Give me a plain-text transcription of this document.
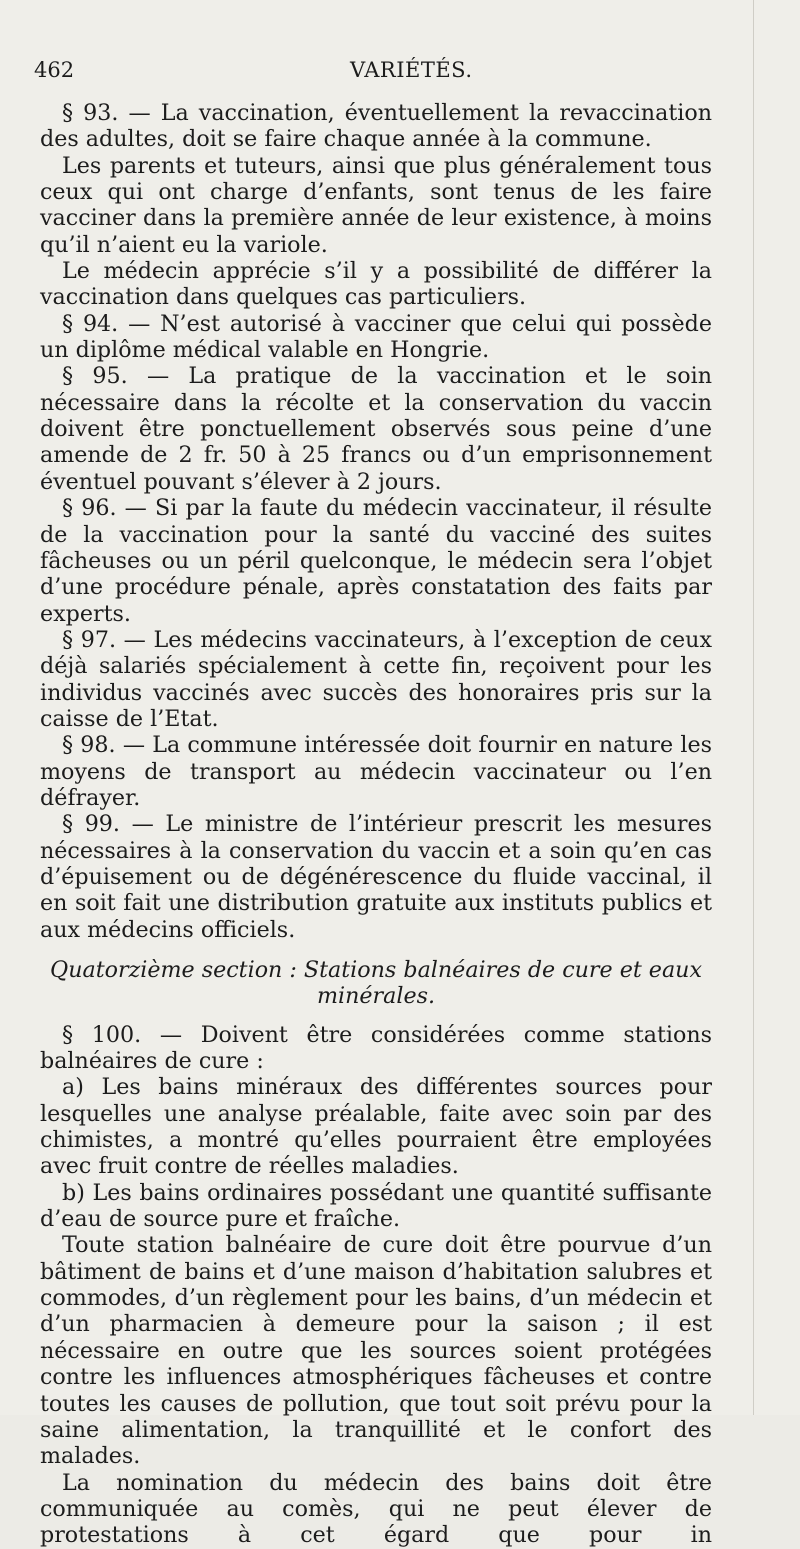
462	VARIÉTÉS.

§ 93. — La vaccination, éventuellement la revaccination des adultes, doit se faire chaque année à la commune.

Les parents et tuteurs, ainsi que plus généralement tous ceux qui ont charge d’enfants, sont tenus de les faire vacciner dans la première année de leur existence, à moins qu’il n’aient eu la variole.

Le médecin apprécie s’il y a possibilité de différer la vaccination dans quelques cas particuliers.

§ 94. — N’est autorisé à vacciner que celui qui possède un diplôme médical valable en Hongrie.

§ 95. — La pratique de la vaccination et le soin nécessaire dans la récolte et la conservation du vaccin doivent être ponctuellement observés sous peine d’une amende de 2 fr. 50 à 25 francs ou d’un emprisonnement éventuel pouvant s’élever à 2 jours.

§ 96. — Si par la faute du médecin vaccinateur, il résulte de la vaccination pour la santé du vacciné des suites fâcheuses ou un péril quelconque, le médecin sera l’objet d’une procédure pénale, après constatation des faits par experts.

§ 97. — Les médecins vaccinateurs, à l’exception de ceux déjà salariés spécialement à cette fin, reçoivent pour les individus vaccinés avec succès des honoraires pris sur la caisse de l’Etat.

§ 98. — La commune intéressée doit fournir en nature les moyens de transport au médecin vaccinateur ou l’en défrayer.

§ 99. — Le ministre de l’intérieur prescrit les mesures nécessaires à la conservation du vaccin et a soin qu’en cas d’épuisement ou de dégénérescence du fluide vaccinal, il en soit fait une distribution gratuite aux instituts publics et aux médecins officiels.

Quatorzième section : Stations balnéaires de cure et eaux minérales.

§ 100. — Doivent être considérées comme stations balnéaires de cure :

a) Les bains minéraux des différentes sources pour lesquelles une analyse préalable, faite avec soin par des chimistes, a montré qu’elles pourraient être employées avec fruit contre de réelles maladies.

b) Les bains ordinaires possédant une quantité suffisante d’eau de source pure et fraîche.

Toute station balnéaire de cure doit être pourvue d’un bâtiment de bains et d’une maison d’habitation salubres et commodes, d’un règlement pour les bains, d’un médecin et d’un pharmacien à demeure pour la saison ; il est nécessaire en outre que les sources soient protégées contre les influences atmosphériques fâcheuses et contre toutes les causes de pollution, que tout soit prévu pour la saine alimentation, la tranquillité et le confort des malades.

La nomination du médecin des bains doit être communiquée au comès, qui ne peut élever de protestations à cet égard que pour in
